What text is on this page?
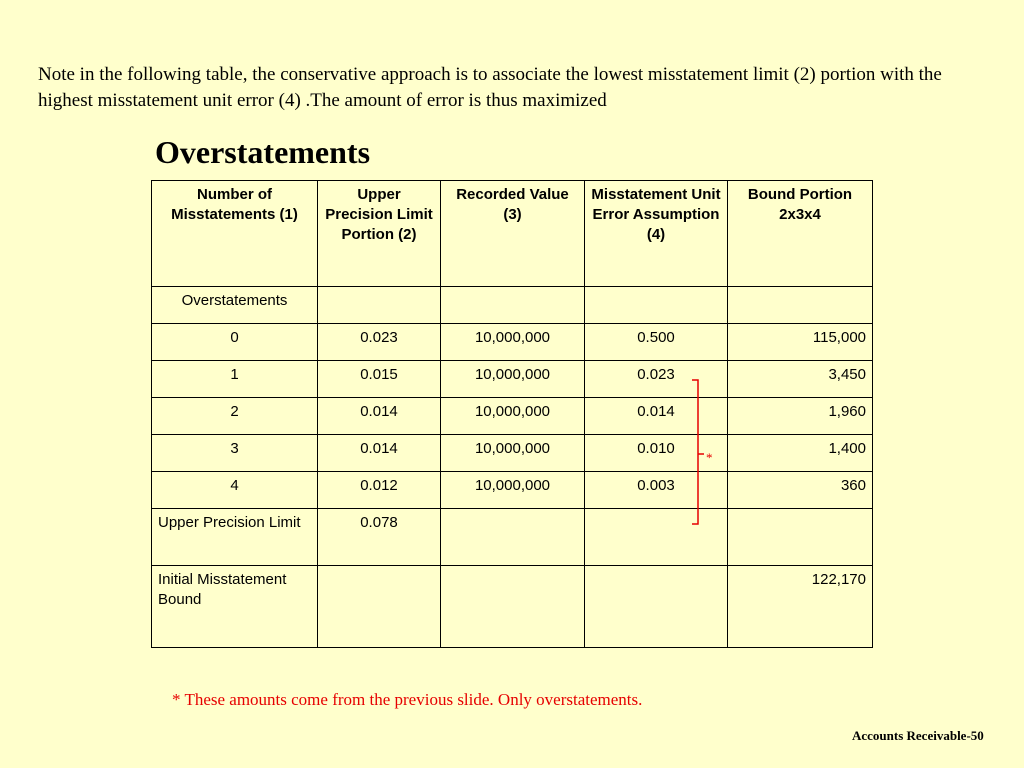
Note in the following table, the conservative approach is to associate the lowest misstatement limit (2) portion with the highest misstatement unit error (4) .The amount of error is thus maximized
Overstatements
Number of Misstatements (1)	Upper Precision Limit Portion (2)	Recorded Value (3)	Misstatement Unit Error Assumption (4)	Bound Portion 2x3x4
Overstatements				
0	0.023	10,000,000	0.500	115,000
1	0.015	10,000,000	0.023	3,450
2	0.014	10,000,000	0.014	1,960
3	0.014	10,000,000	0.010	1,400
4	0.012	10,000,000	0.003	360
Upper Precision Limit	0.078			
Initial Misstatement Bound				122,170
*
* These amounts come from the previous slide. Only overstatements.
Accounts Receivable-50
